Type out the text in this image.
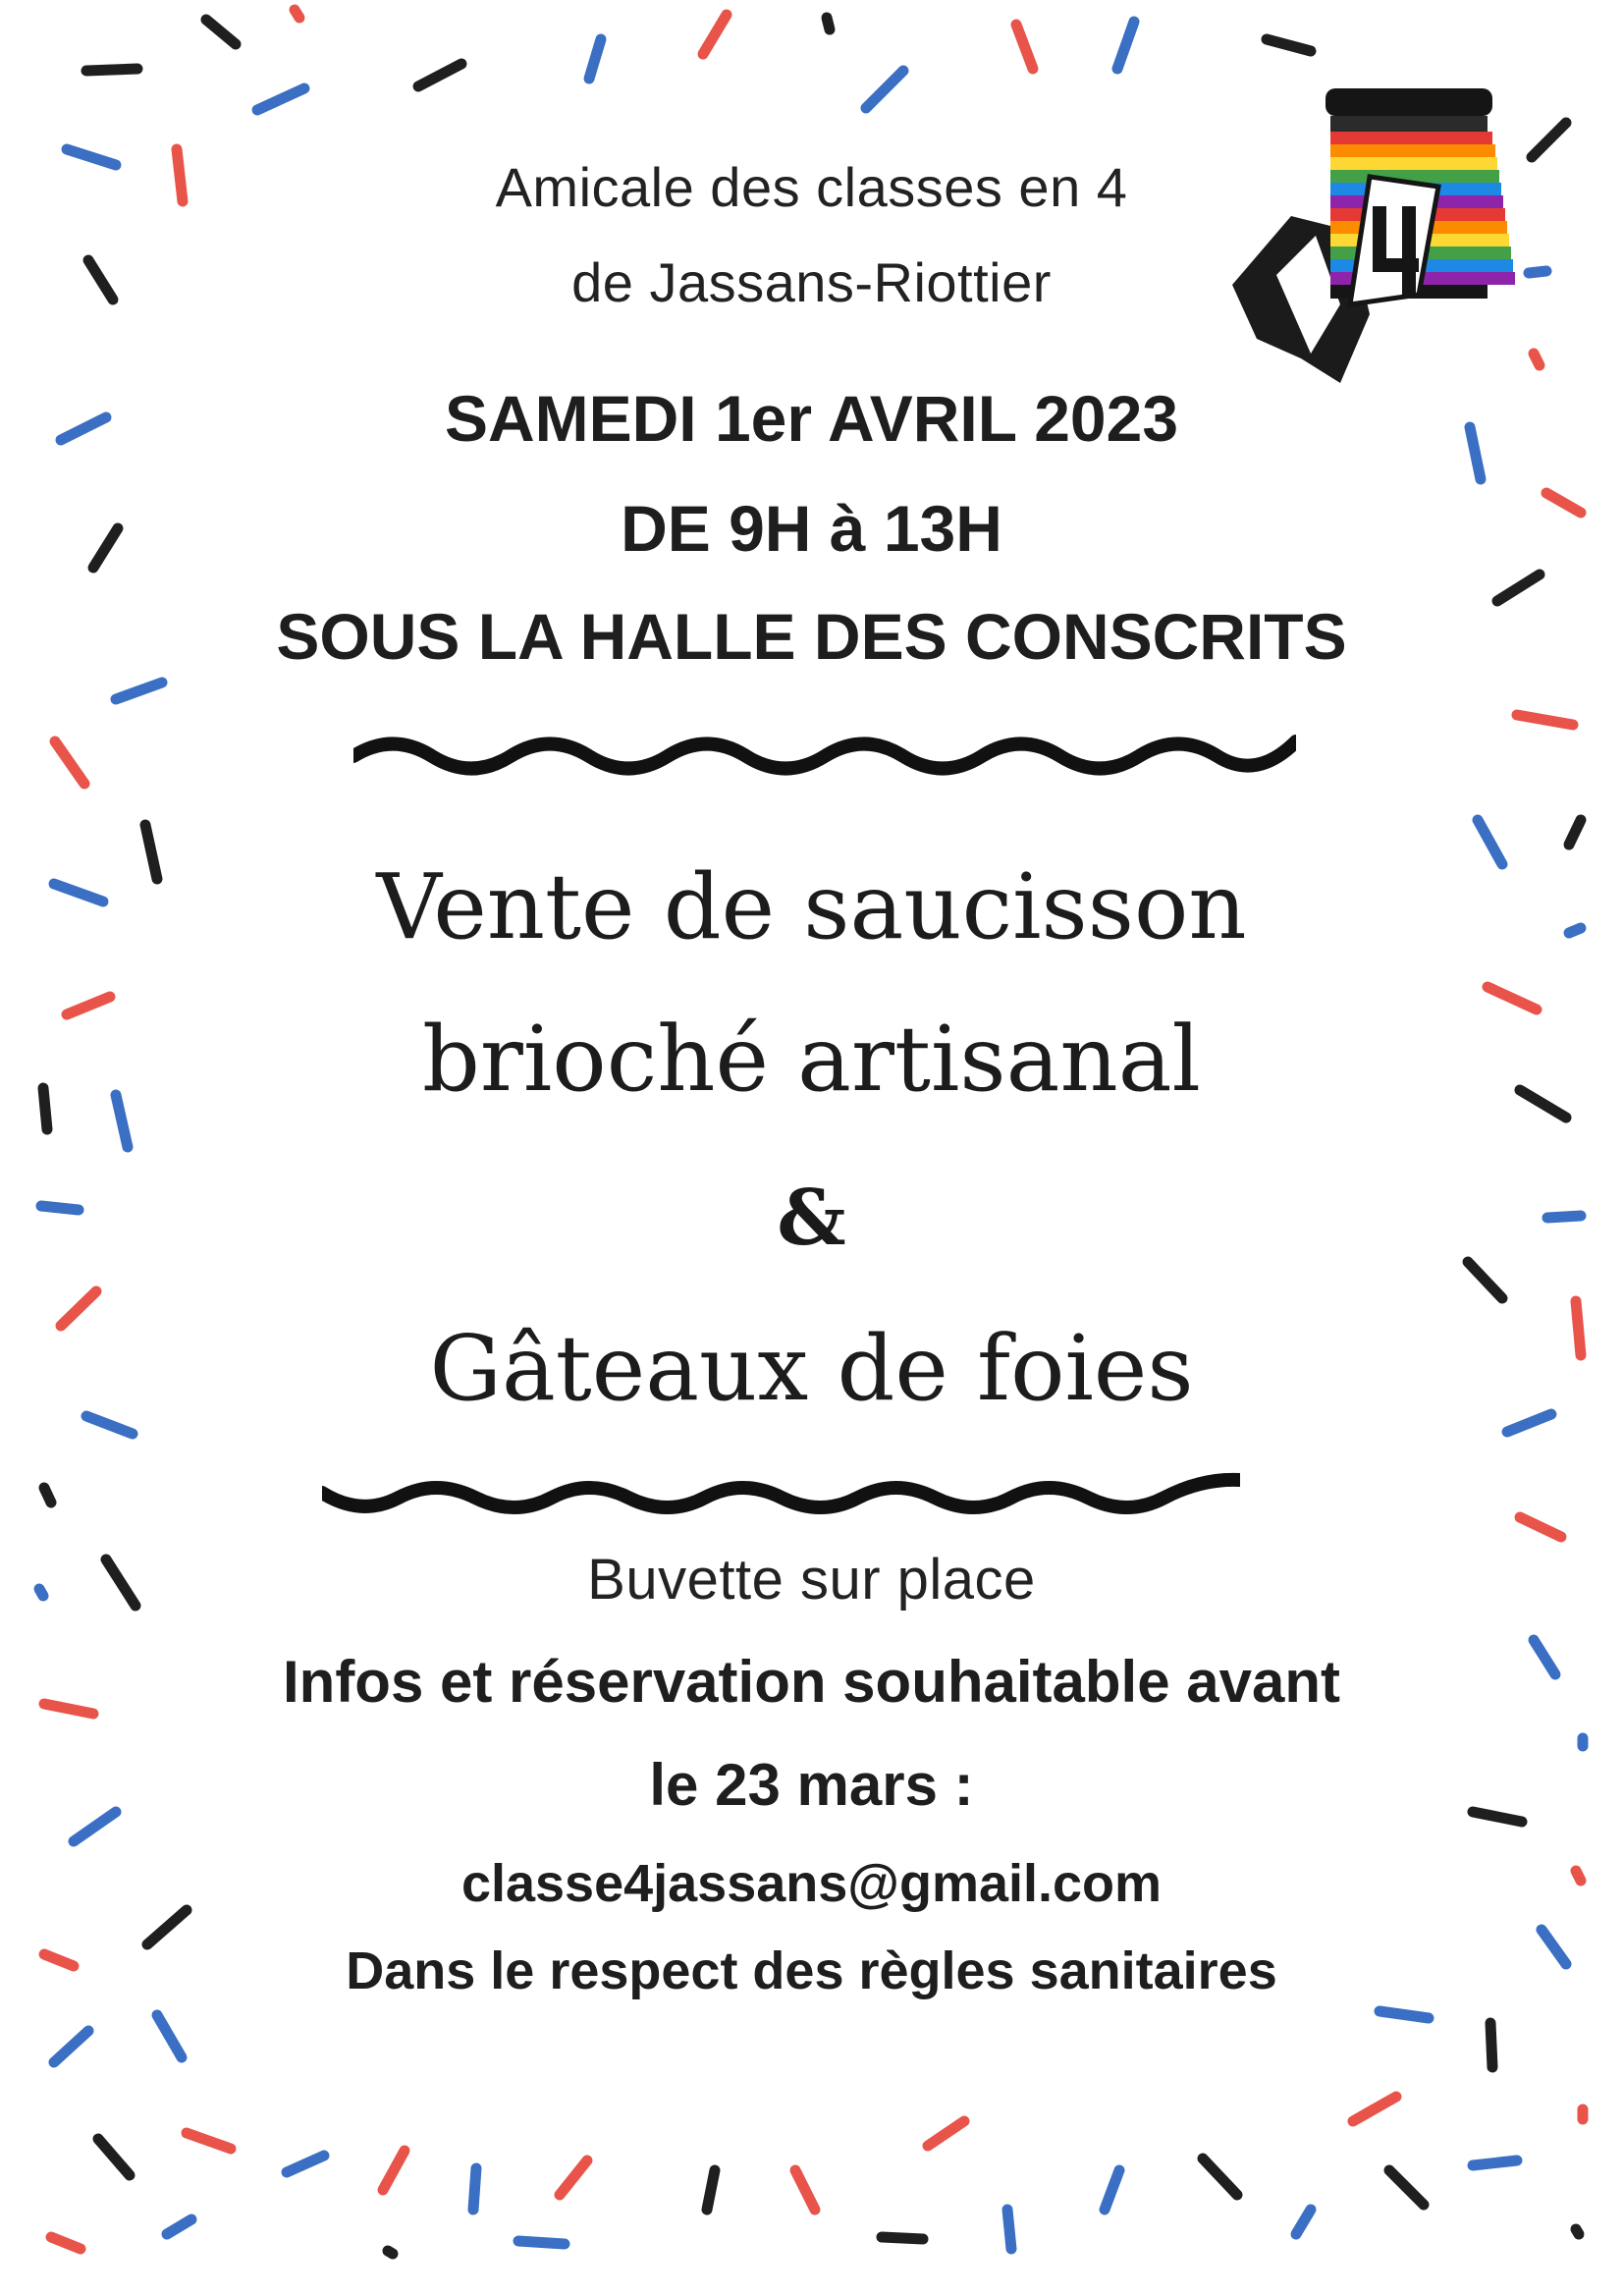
Amicale des classes en 4

de Jassans-Riottier

SAMEDI 1er AVRIL 2023

DE 9H à 13H

SOUS LA HALLE DES CONSCRITS

Vente de saucisson

brioché artisanal

&

Gâteaux de foies

Buvette sur place

Infos et réservation souhaitable avant

le 23 mars :

classe4jassans@gmail.com

Dans le respect des règles sanitaires
